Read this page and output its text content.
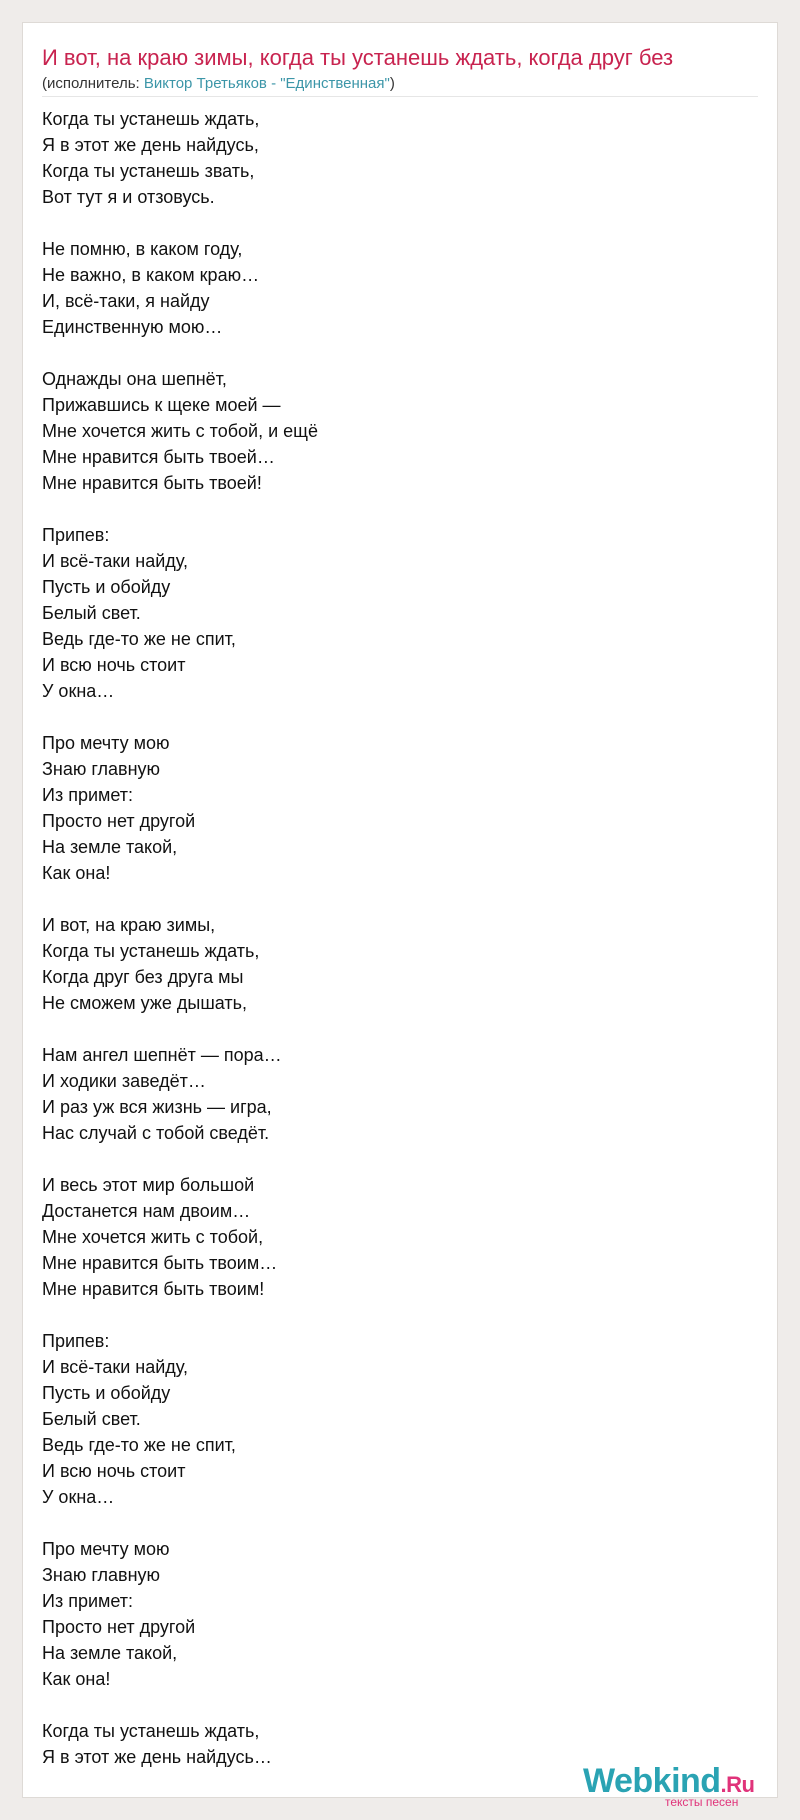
И вот, на краю зимы, когда ты устанешь ждать, когда друг без
(исполнитель: Виктор Третьяков - "Единственная")
Когда ты устанешь ждать,
Я в этот же день найдусь,
Когда ты устанешь звать,
Вот тут я и отзовусь.
Не помню, в каком году,
Не важно, в каком краю…
И, всё-таки, я найду
Единственную мою…
Однажды она шепнёт,
Прижавшись к щеке моей —
Мне хочется жить с тобой, и ещё
Мне нравится быть твоей…
Мне нравится быть твоей!
Припев:
И всё-таки найду,
Пусть и обойду
Белый свет.
Ведь где-то же не спит,
И всю ночь стоит
У окна…
Про мечту мою
Знаю главную
Из примет:
Просто нет другой
На земле такой,
Как она!
И вот, на краю зимы,
Когда ты устанешь ждать,
Когда друг без друга мы
Не сможем уже дышать,
Нам ангел шепнёт — пора…
И ходики заведёт…
И раз уж вся жизнь — игра,
Нас случай с тобой сведёт.
И весь этот мир большой
Достанется нам двоим…
Мне хочется жить с тобой,
Мне нравится быть твоим…
Мне нравится быть твоим!
Припев:
И всё-таки найду,
Пусть и обойду
Белый свет.
Ведь где-то же не спит,
И всю ночь стоит
У окна…
Про мечту мою
Знаю главную
Из примет:
Просто нет другой
На земле такой,
Как она!
Когда ты устанешь ждать,
Я в этот же день найдусь…
Webkind.Ru
тексты песен
